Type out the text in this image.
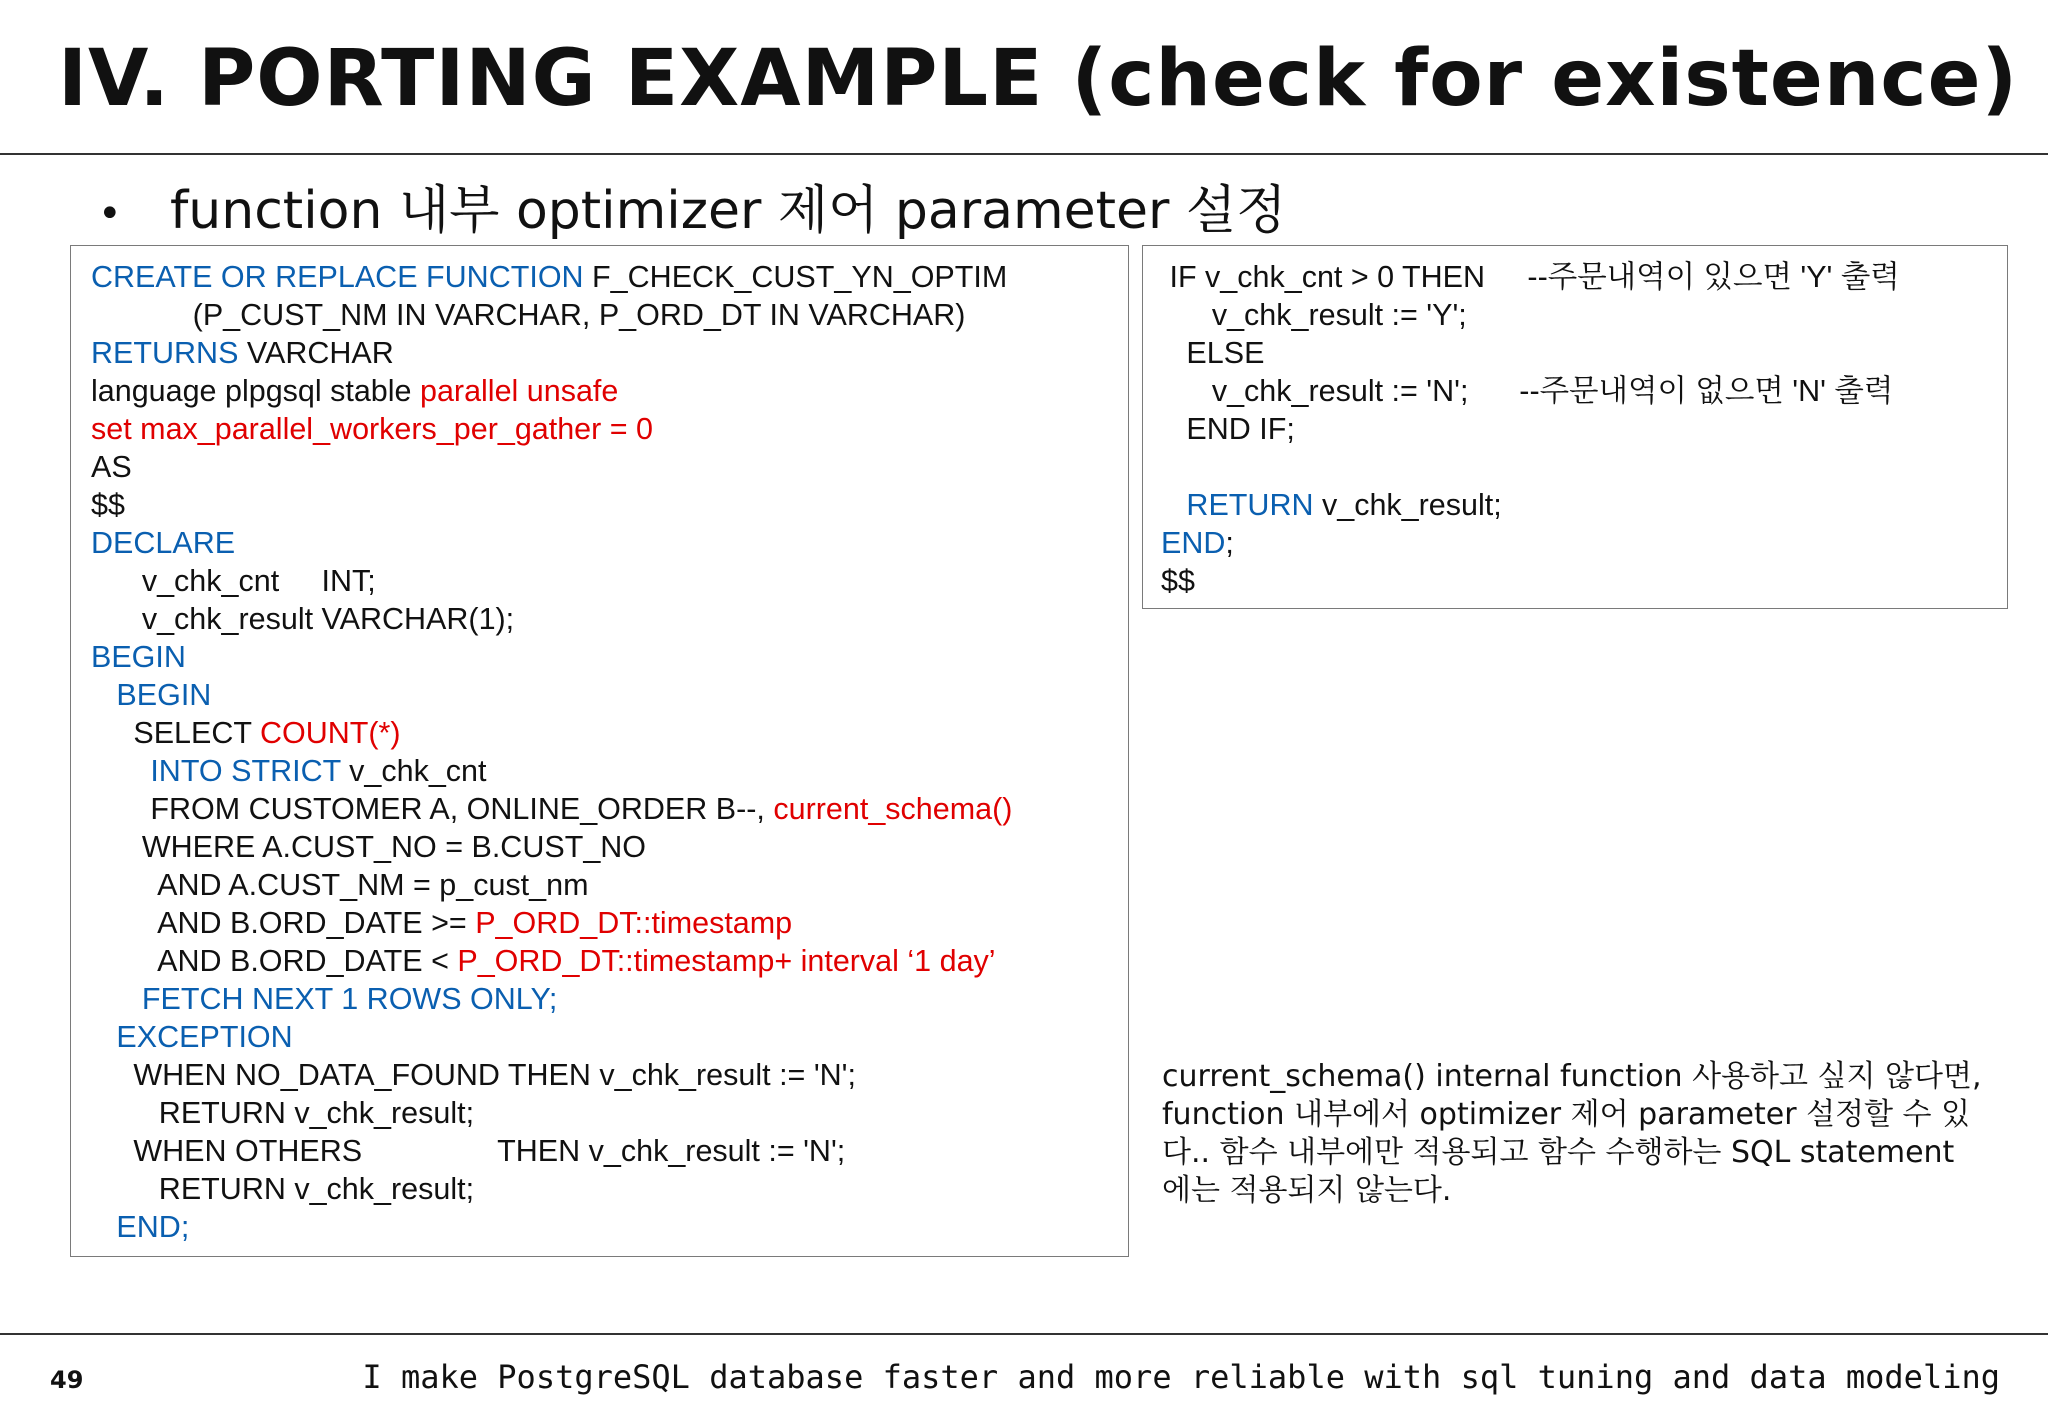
IV. PORTING EXAMPLE (check for existence)
• function 내부 optimizer 제어 parameter 설정
CREATE OR REPLACE FUNCTION F_CHECK_CUST_YN_OPTIM
(P_CUST_NM IN VARCHAR, P_ORD_DT IN VARCHAR)
RETURNS VARCHAR
language plpgsql stable parallel unsafe
set max_parallel_workers_per_gather = 0
AS
$$
DECLARE
v_chk_cnt     INT;
v_chk_result VARCHAR(1);
BEGIN
BEGIN
SELECT COUNT(*)
INTO STRICT v_chk_cnt
FROM CUSTOMER A, ONLINE_ORDER B--, current_schema()
WHERE A.CUST_NO = B.CUST_NO
AND A.CUST_NM = p_cust_nm
AND B.ORD_DATE >= P_ORD_DT::timestamp
AND B.ORD_DATE < P_ORD_DT::timestamp+ interval ‘1 day’
FETCH NEXT 1 ROWS ONLY;
EXCEPTION
WHEN NO_DATA_FOUND THEN v_chk_result := 'N';
RETURN v_chk_result;
WHEN OTHERS                THEN v_chk_result := 'N';
RETURN v_chk_result;
END;
IF v_chk_cnt > 0 THEN     --주문내역이 있으면 'Y' 출력
v_chk_result := 'Y';
ELSE
v_chk_result := 'N';      --주문내역이 없으면 'N' 출력
END IF;

RETURN v_chk_result;
END;
$$
current_schema() internal function 사용하고 싶지 않다면, function 내부에서 optimizer 제어 parameter 설정할 수 있다.. 함수 내부에만 적용되고 함수 수행하는 SQL statement 에는 적용되지 않는다.
49	I make PostgreSQL database faster and more reliable with sql tuning and data modeling
